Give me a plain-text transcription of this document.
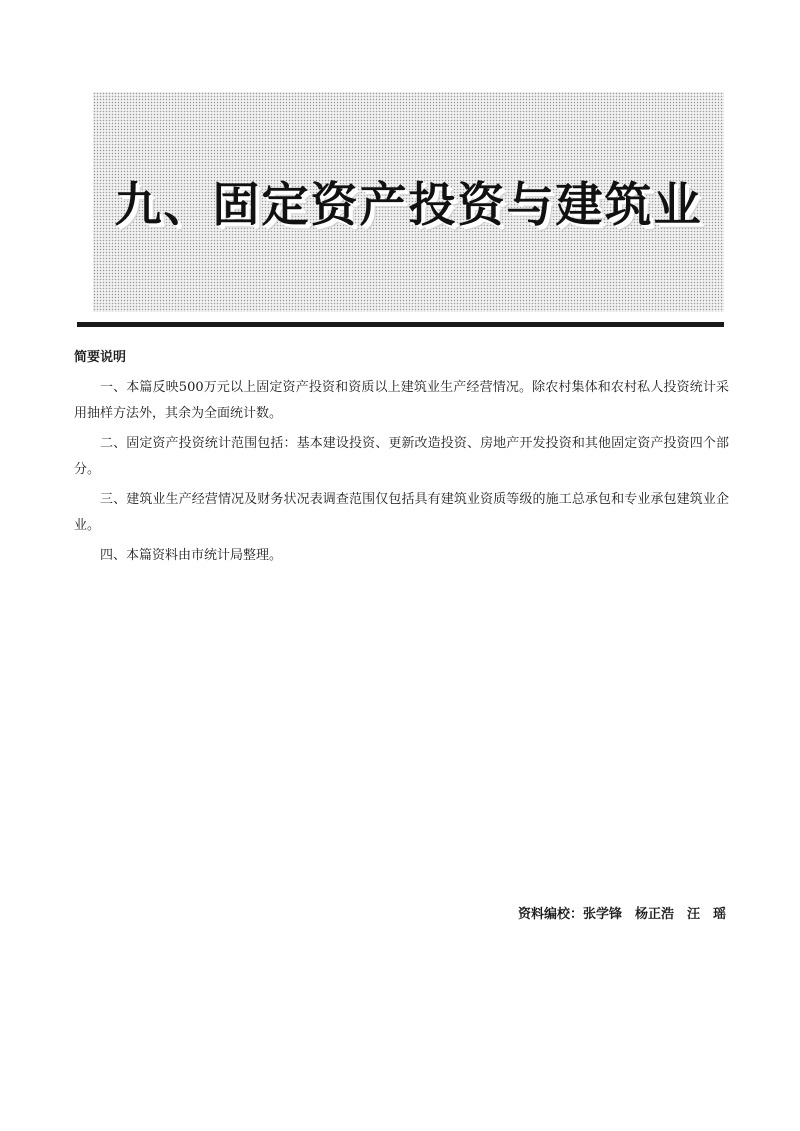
九、固定资产投资与建筑业
简要说明

一、本篇反映500万元以上固定资产投资和资质以上建筑业生产经营情况。除农村集体和农村私人投资统计采用抽样方法外，其余为全面统计数。

二、固定资产投资统计范围包括：基本建设投资、更新改造投资、房地产开发投资和其他固定资产投资四个部分。

三、建筑业生产经营情况及财务状况表调查范围仅包括具有建筑业资质等级的施工总承包和专业承包建筑业企业。

四、本篇资料由市统计局整理。

资料编校：张学锋　杨正浩　汪　瑶
